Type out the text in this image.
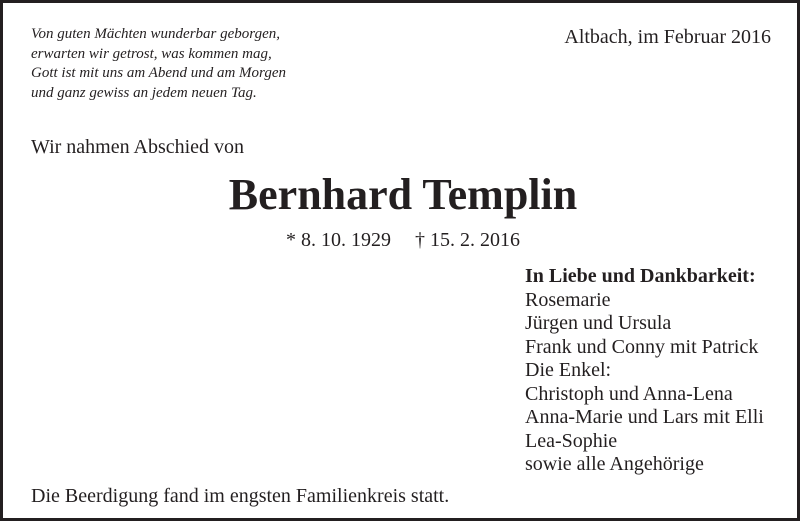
Von guten Mächten wunderbar geborgen,
erwarten wir getrost, was kommen mag,
Gott ist mit uns am Abend und am Morgen
und ganz gewiss an jedem neuen Tag.
Altbach, im Februar 2016
Wir nahmen Abschied von
Bernhard Templin
* 8. 10. 1929 † 15. 2. 2016
In Liebe und Dankbarkeit:
Rosemarie
Jürgen und Ursula
Frank und Conny mit Patrick
Die Enkel:
Christoph und Anna-Lena
Anna-Marie und Lars mit Elli
Lea-Sophie
sowie alle Angehörige
Die Beerdigung fand im engsten Familienkreis statt.
